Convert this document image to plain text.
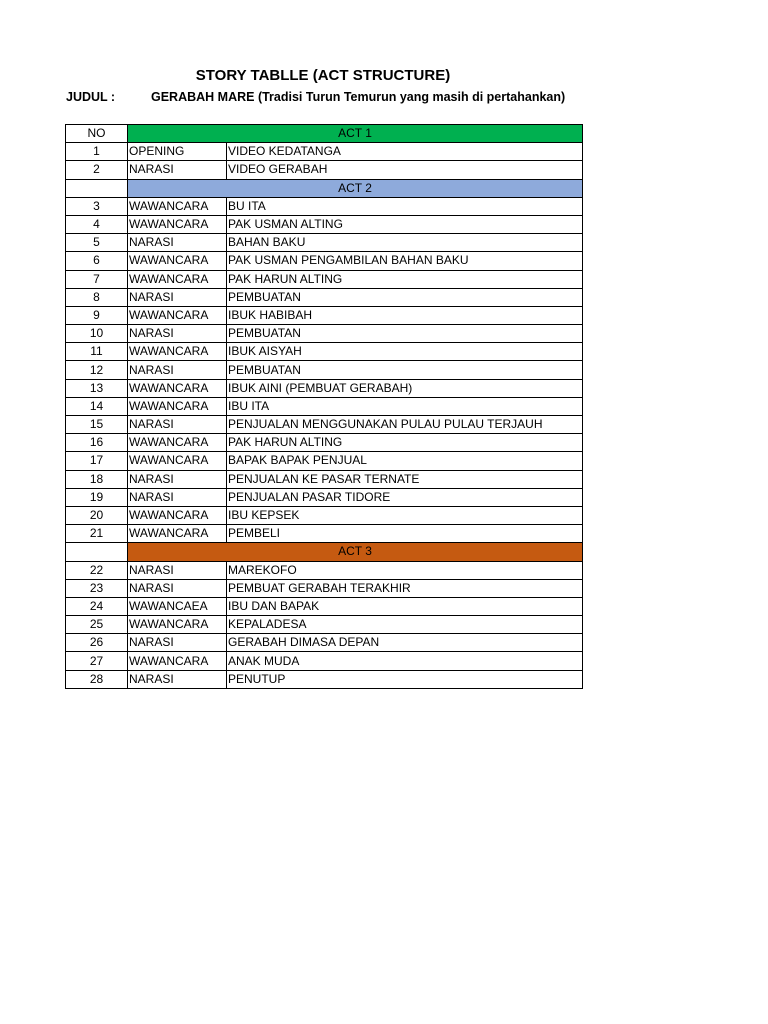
STORY TABLLE (ACT STRUCTURE)
JUDUL :	GERABAH MARE (Tradisi Turun Temurun yang masih di pertahankan)
NO	ACT 1	
1	OPENING	VIDEO KEDATANGA
2	NARASI	VIDEO GERABAH
	ACT 2	
3	WAWANCARA	BU ITA
4	WAWANCARA	PAK USMAN ALTING
5	NARASI	BAHAN BAKU
6	WAWANCARA	PAK USMAN PENGAMBILAN BAHAN BAKU
7	WAWANCARA	PAK HARUN ALTING
8	NARASI	PEMBUATAN
9	WAWANCARA	IBUK HABIBAH
10	NARASI	PEMBUATAN
11	WAWANCARA	IBUK AISYAH
12	NARASI	PEMBUATAN
13	WAWANCARA	IBUK AINI (PEMBUAT GERABAH)
14	WAWANCARA	IBU ITA
15	NARASI	PENJUALAN MENGGUNAKAN PULAU PULAU TERJAUH
16	WAWANCARA	PAK HARUN ALTING
17	WAWANCARA	BAPAK BAPAK PENJUAL
18	NARASI	PENJUALAN KE PASAR TERNATE
19	NARASI	PENJUALAN PASAR TIDORE
20	WAWANCARA	IBU KEPSEK
21	WAWANCARA	PEMBELI
	ACT 3	
22	NARASI	MAREKOFO
23	NARASI	PEMBUAT GERABAH TERAKHIR
24	WAWANCAEA	IBU DAN BAPAK
25	WAWANCARA	KEPALADESA
26	NARASI	GERABAH DIMASA DEPAN
27	WAWANCARA	ANAK MUDA
28	NARASI	PENUTUP
